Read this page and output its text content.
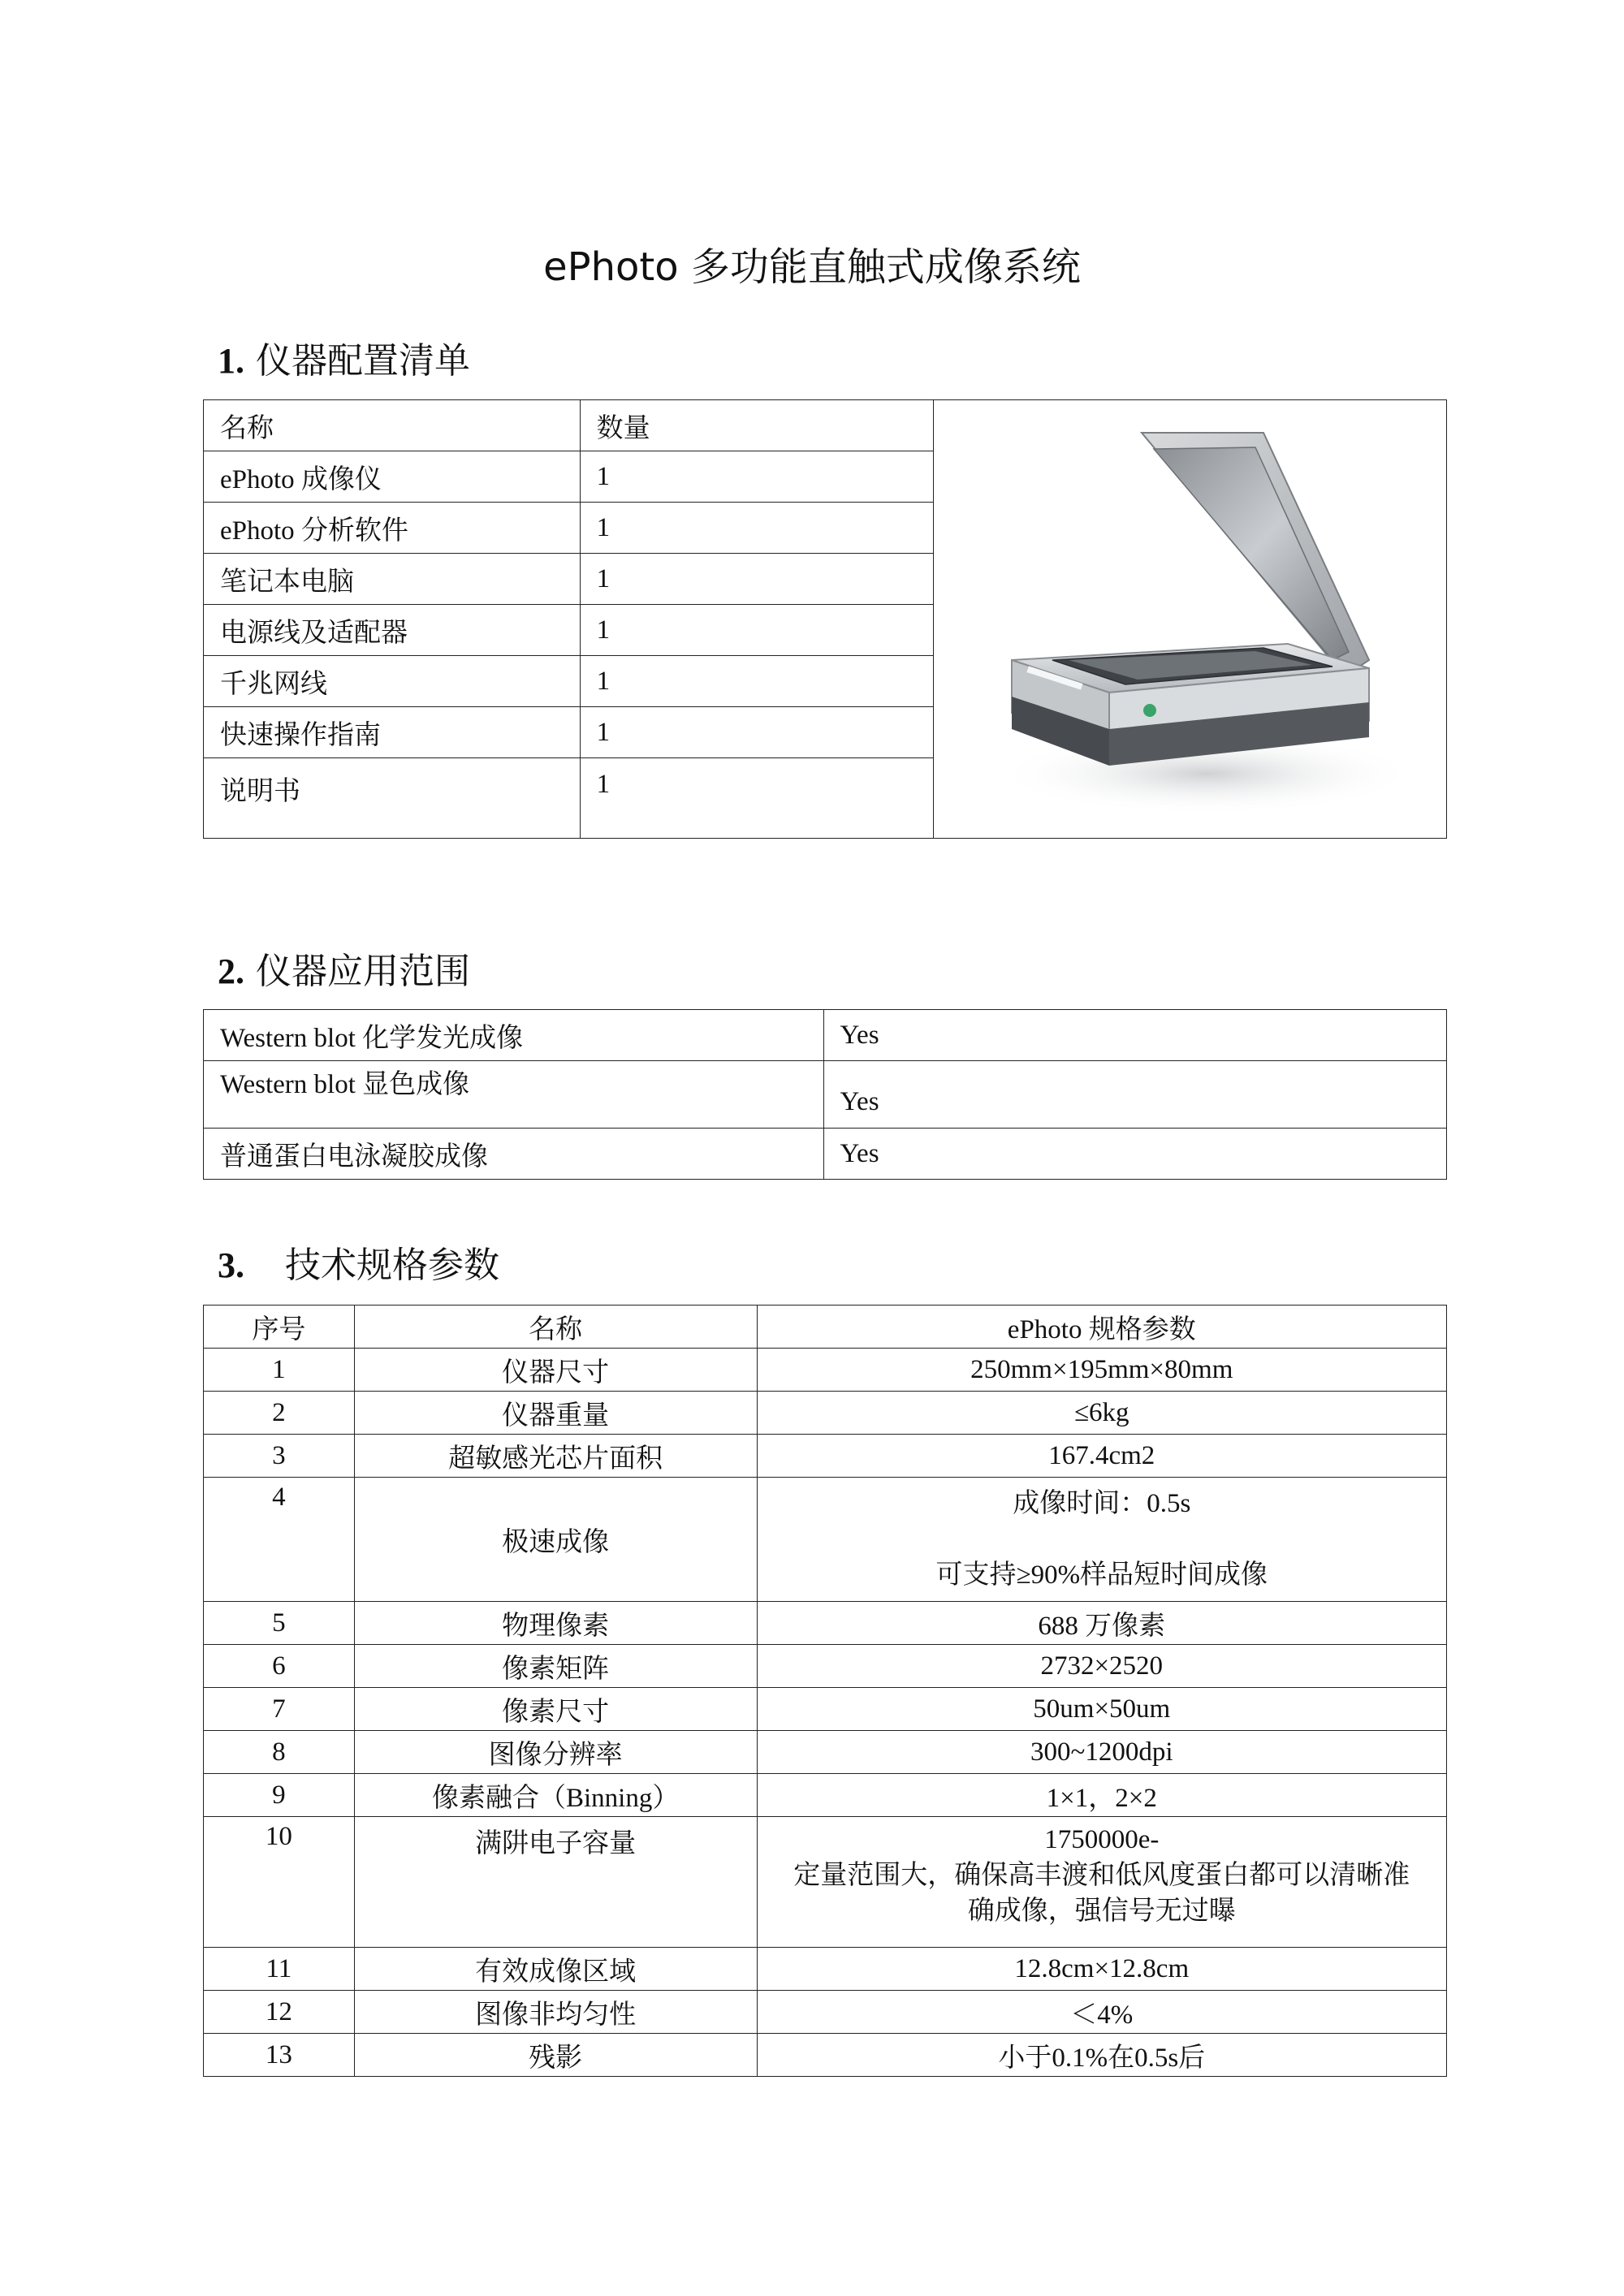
ePhoto 多功能直触式成像系统
1. 仪器配置清单
名称	数量	

ePhoto 成像仪	1	
ePhoto 分析软件	1	
笔记本电脑	1	
电源线及适配器	1	
千兆网线	1	
快速操作指南	1	
说明书	1	
2. 仪器应用范围
Western blot 化学发光成像	Yes
Western blot 显色成像	Yes
普通蛋白电泳凝胶成像	Yes
3. 技术规格参数
序号	名称	ePhoto 规格参数
1	仪器尺寸	250mm×195mm×80mm
2	仪器重量	≤6kg
3	超敏感光芯片面积	167.4cm2
4	极速成像	成像时间：0.5s

可支持≥90%样品短时间成像

5	物理像素	688 万像素
6	像素矩阵	2732×2520
7	像素尺寸	50um×50um
8	图像分辨率	300~1200dpi
9	像素融合（Binning）	1×1，2×2
10	满阱电子容量	1750000e-
定量范围大，确保高丰渡和低风度蛋白都可以清晰准
确成像，强信号无过曝

11	有效成像区域	12.8cm×12.8cm
12	图像非均匀性	＜4%
13	残影	小于0.1%在0.5s后
